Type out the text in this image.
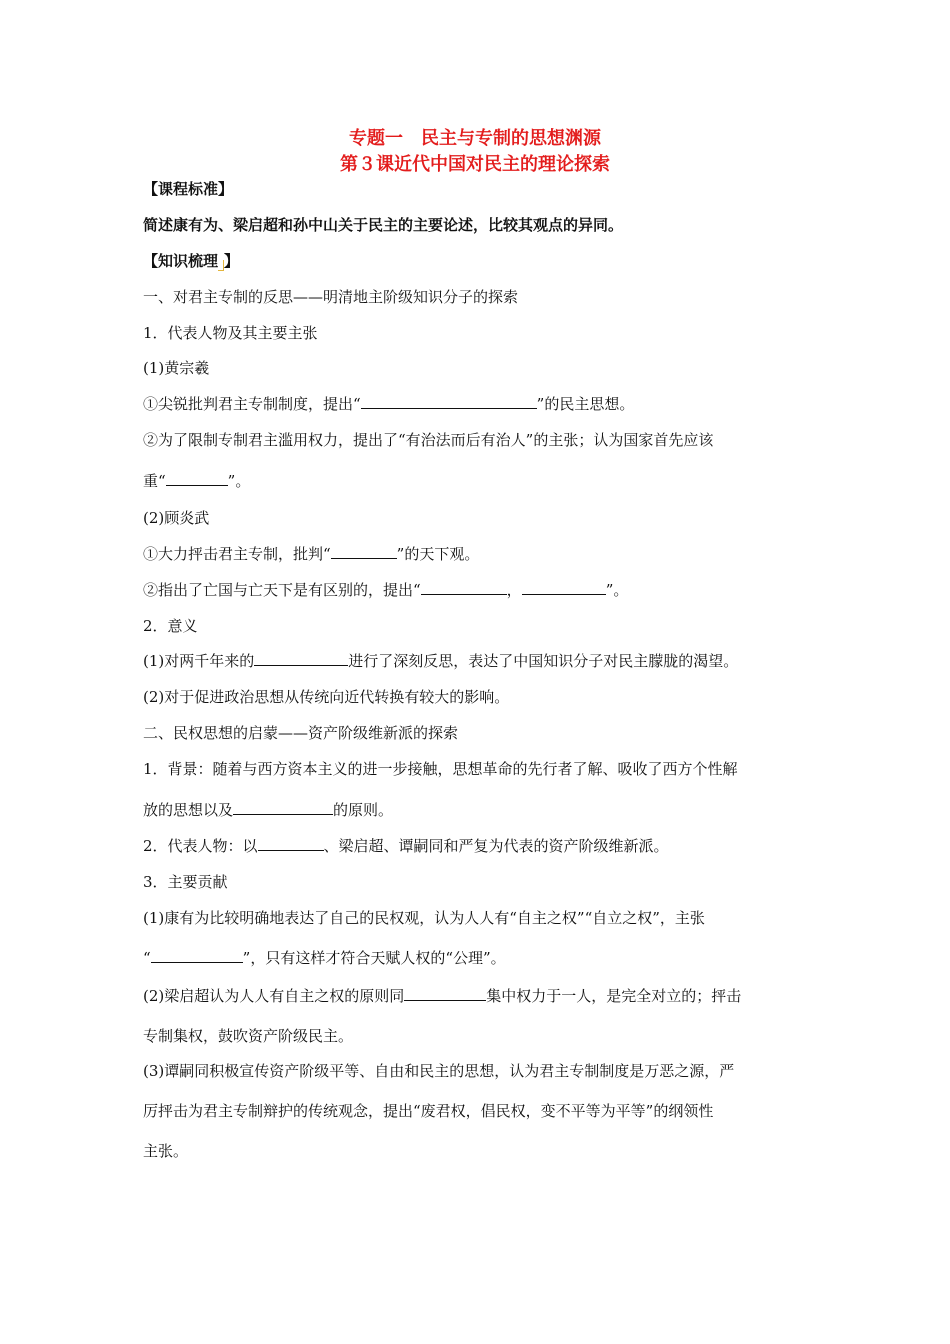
专题一　民主与专制的思想渊源
第３课近代中国对民主的理论探索
【课程标准】
简述康有为、梁启超和孙中山关于民主的主要论述，比较其观点的异同。
【知识梳理 】
一、对君主专制的反思——明清地主阶级知识分子的探索
1．代表人物及其主要主张
(1)黄宗羲
①尖锐批判君主专制制度，提出“	”的民主思想。
②为了限制专制君主滥用权力，提出了“有治法而后有治人”的主张；认为国家首先应该
重“	”。
(2)顾炎武
①大力抨击君主专制，批判“	”的天下观。
②指出了亡国与亡天下是有区别的，提出“	，	”。
2．意义
(1)对两千年来的	进行了深刻反思，表达了中国知识分子对民主朦胧的渴望。
(2)对于促进政治思想从传统向近代转换有较大的影响。
二、民权思想的启蒙——资产阶级维新派的探索
1．背景：随着与西方资本主义的进一步接触，思想革命的先行者了解、吸收了西方个性解
放的思想以及	的原则。
2．代表人物：以	、梁启超、谭嗣同和严复为代表的资产阶级维新派。
3．主要贡献
(1)康有为比较明确地表达了自己的民权观，认为人人有“自主之权”“自立之权”，主张
“	”，只有这样才符合天赋人权的“公理”。
(2)梁启超认为人人有自主之权的原则同	集中权力于一人，是完全对立的；抨击
专制集权，鼓吹资产阶级民主。
(3)谭嗣同积极宣传资产阶级平等、自由和民主的思想，认为君主专制制度是万恶之源，严
厉抨击为君主专制辩护的传统观念，提出“废君权，倡民权，变不平等为平等”的纲领性
主张。
